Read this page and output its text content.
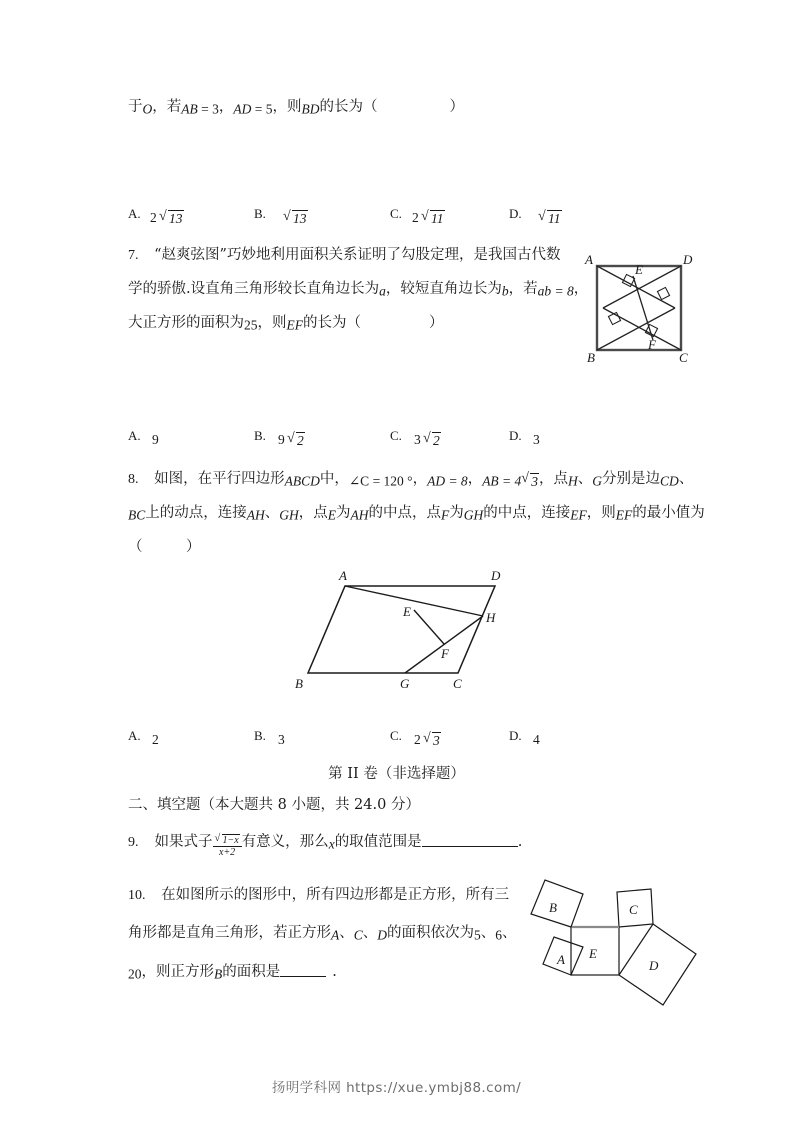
于O，若AB = 3，AD = 5，则BD的长为（	）
A. 2 √ 13	B.	√ 13	C. 2 √ 11	D.	√ 11
7. “赵爽弦图”巧妙地利用面积关系证明了勾股定理，是我国古代数
学的骄傲.设直角三角形较长直角边长为a，较短直角边长为b，若ab = 8，
大正方形的面积为25，则EF的长为（	）
A	D
B	C
E
F
A. 9	B. 9 √ 2	C. 3 √ 2	D. 3
8. 如图，在平行四边形ABCD中，∠C = 120 °，AD = 8，AB = 4 √ 3，点H、G分别是边CD、
BC上的动点，连接AH、GH，点E为AH的中点，点F为GH的中点，连接EF，则EF的最小值为
（　　　）
A	D
B	C
E
F
G
H
A. 2	B. 3	C. 2 √ 3	D. 4
第 II 卷（非选择题）
二、填空题（本大题共 8 小题，共 24.0 分）
9. 如果式子 √ $\frac{1-x}{x+2}$ 有意义，那么x的取值范围是	.
10. 在如图所示的图形中，所有四边形都是正方形，所有三
角形都是直角三角形，若正方形A、C、D的面积依次为5、6、
20，则正方形B的面积是	.
E
C
B
A	D
扬明学科网 https://xue.ymbj88.com/
